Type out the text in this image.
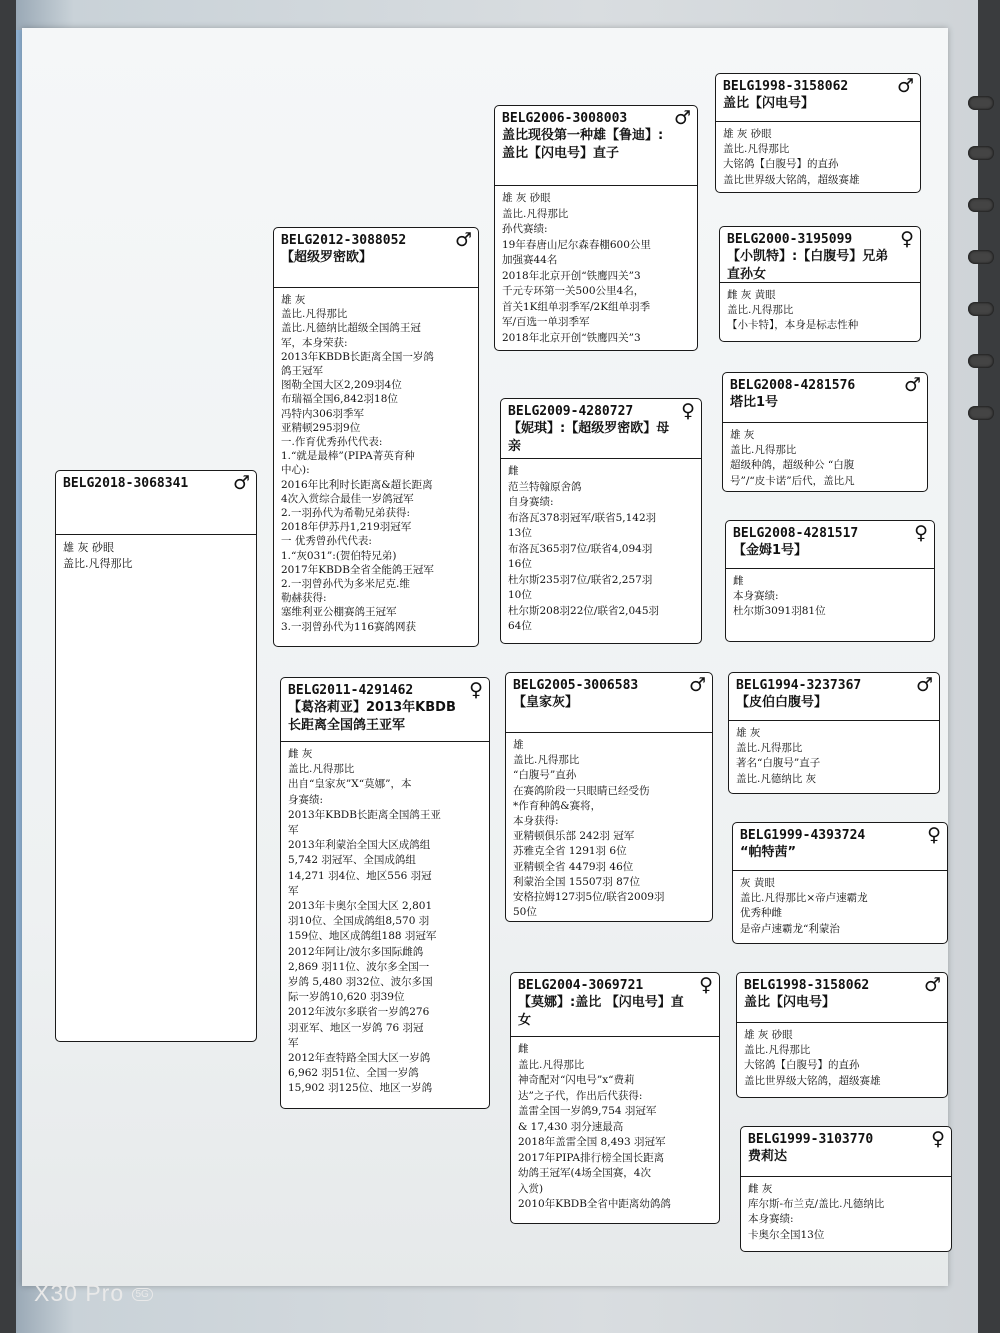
BELG2018-3068341	♂
雄 灰 砂眼
盖比.凡得那比
BELG2012-3088052
【超级罗密欧】
♂
雄 灰
盖比.凡得那比
盖比.凡德纳比超级全国鸽王冠
军，本身荣获:
2013年KBDB长距离全国一岁鸽
鸽王冠军
图勒全国大区2,209羽4位
布瑞福全国6,842羽18位
冯特内306羽季军
亚精顿295羽9位
一.作育优秀孙代代表:
1.“就是最棒”(PIPA菁英育种
中心):
2016年比利时长距离&超长距离
4次入赏综合最佳一岁鸽冠军
2.一羽孙代为希勒兄弟获得:
2018年伊苏丹1,219羽冠军
一 优秀曾孙代代表:
1.“灰031”:(贺伯特兄弟)
2017年KBDB全省全能鸽王冠军
2.一羽曾孙代为多米尼克.维
勒赫获得:
塞维利亚公棚赛鸽王冠军
3.一羽曾孙代为116赛鸽网获
BELG2011-4291462
【葛洛莉亚】2013年KBDB长距离全国鸽王亚军
♀
雌 灰
盖比.凡得那比
出自“皇家灰”X“莫娜”，本
身赛绩:
2013年KBDB长距离全国鸽王亚
军
2013年利蒙治全国大区成鸽组
5,742 羽冠军、全国成鸽组
14,271 羽4位、地区556 羽冠
军
2013年卡奥尔全国大区 2,801
羽10位、全国成鸽组8,570 羽
159位、地区成鸽组188 羽冠军
2012年阿让/波尔多国际雌鸽
2,869 羽11位、波尔多全国一
岁鸽 5,480 羽32位、波尔多国
际一岁鸽10,620 羽39位
2012年波尔多联省一岁鸽276
羽亚军、地区一岁鸽 76 羽冠
军
2012年查特路全国大区一岁鸽
6,962 羽51位、全国一岁鸽
15,902 羽125位、地区一岁鸽
BELG2006-3008003
盖比现役第一种雄【鲁迪】:盖比【闪电号】直子
♂
雄 灰 砂眼
盖比.凡得那比
孙代赛绩:
19年春唐山尼尔森春棚600公里
加强赛44名
2018年北京开创“铁鹰四关”3
千元专环第一关500公里4名，
首关1K组单羽季军/2K组单羽季
军/百选一单羽季军
2018年北京开创“铁鹰四关”3
BELG2009-4280727
【妮琪】:【超级罗密欧】母亲
♀
雌
范兰特翰原舍鸽
自身赛绩:
布洛瓦378羽冠军/联省5,142羽
13位
布洛瓦365羽7位/联省4,094羽
16位
杜尔斯235羽7位/联省2,257羽
10位
杜尔斯208羽22位/联省2,045羽
64位
BELG2005-3006583
【皇家灰】
♂
雄
盖比.凡得那比
“白腹号”直孙
在赛鸽阶段一只眼睛已经受伤
*作育种鸽&赛将，
本身获得:
亚精顿俱乐部 242羽 冠军
苏雅克全省 1291羽 6位
亚精顿全省 4479羽 46位
利蒙治全国 15507羽 87位
安格拉姆127羽5位/联省2009羽
50位
BELG2004-3069721
【莫娜】:盖比 【闪电号】直女
♀
雌
盖比.凡得那比
神奇配对“闪电号”x“费莉
达”之子代，作出后代获得:
盖雷全国一岁鸽9,754 羽冠军
& 17,430 羽分速最高
2018年盖雷全国 8,493 羽冠军
2017年PIPA排行榜全国长距离
幼鸽王冠军(4场全国赛，4次
入赏)
2010年KBDB全省中距离幼鸽鸽
BELG1998-3158062
盖比【闪电号】
♂
雄 灰 砂眼
盖比.凡得那比
大铭鸽【白腹号】的直孙
盖比世界级大铭鸽，超级赛雄
BELG2000-3195099
【小凯特】:【白腹号】兄弟直孙女
♀
雌 灰 黄眼
盖比.凡得那比
【小卡特】，本身是标志性种
BELG2008-4281576
塔比1号
♂
雄 灰
盖比.凡得那比
超级种鸽，超级种公 “白腹
号”/“皮卡诺”后代，盖比凡
BELG2008-4281517
【金姆1号】
♀
雌
本身赛绩:
杜尔斯3091羽81位
BELG1994-3237367
【皮伯白腹号】
♂
雄 灰
盖比.凡得那比
著名“白腹号”直子
盖比.凡德纳比 灰
BELG1999-4393724
“帕特茜”
♀
灰 黄眼
盖比.凡得那比×帝卢速霸龙
优秀种雌
是帝卢速霸龙“利蒙治
BELG1998-3158062
盖比【闪电号】
♂
雄 灰 砂眼
盖比.凡得那比
大铭鸽【白腹号】的直孙
盖比世界级大铭鸽，超级赛雄
BELG1999-3103770
费莉达
♀
雌 灰
库尔斯-布兰克/盖比.凡德纳比
本身赛绩:
卡奥尔全国13位
X30 Pro 5G
